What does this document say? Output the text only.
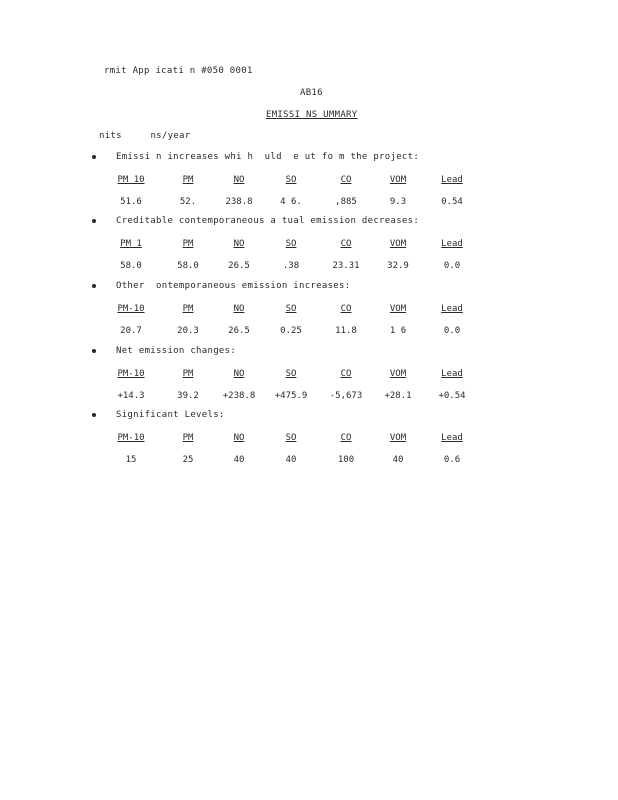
rmit App icati n #050 0001
AB16
EMISSI NS UMMARY
nits     ns/year
Emissi n increases whi h  uld  e ut fo m the project:
PM 10	PM	NO	SO	CO	VOM	Lead
51.6	52.	238.8	4 6.	,885	9.3	0.54
Creditable contemporaneous a tual emission decreases:
PM 1	PM	NO	SO	CO	VOM	Lead
58.0	58.0	26.5	.38	23.31	32.9	0.0
Other  ontemporaneous emission increases:
PM-10	PM	NO	SO	CO	VOM	Lead
20.7	20.3	26.5	0.25	11.8	1 6	0.0
Net emission changes:
PM-10	PM	NO	SO	CO	VOM	Lead
+14.3	39.2	+238.8	+475.9	-5,673	+28.1	+0.54
Significant Levels:
PM-10	PM	NO	SO	CO	VOM	Lead
15	25	40	40	100	40	0.6
